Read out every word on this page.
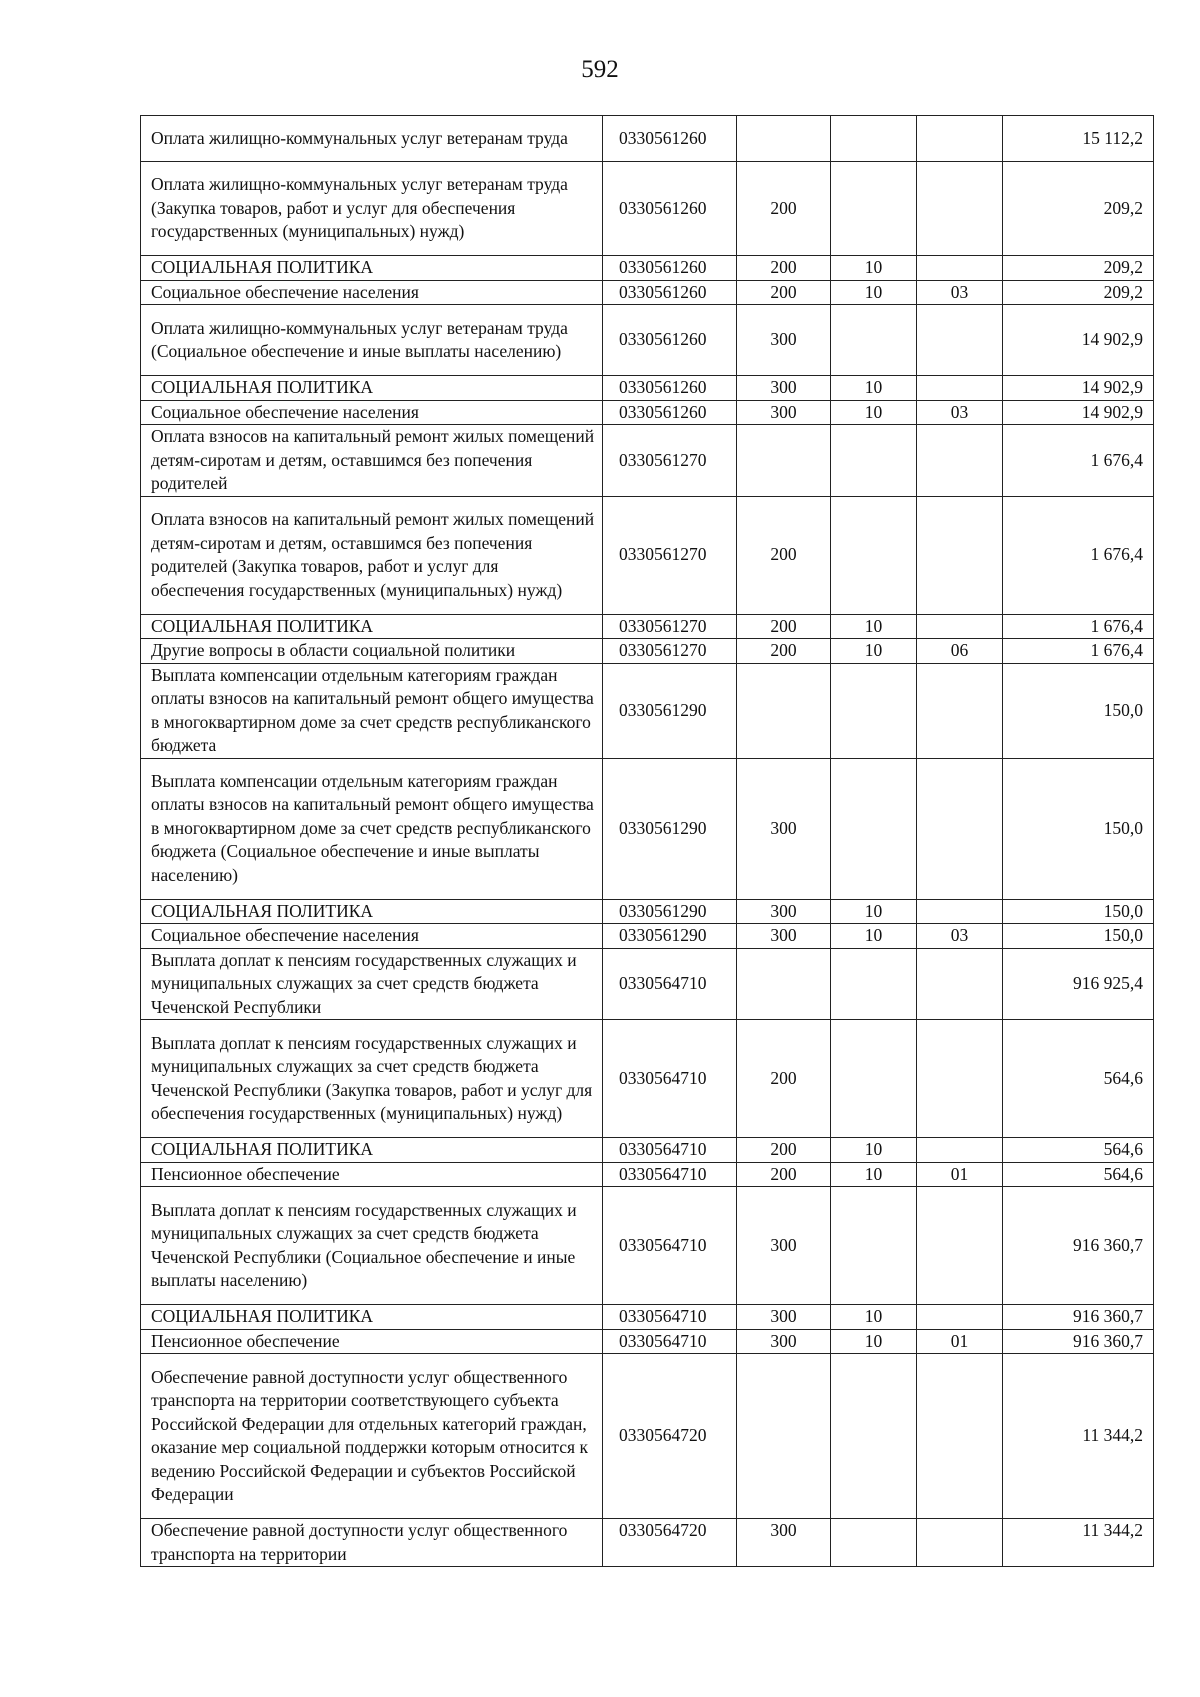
592
Оплата жилищно-коммунальных услуг ветеранам труда	0330561260				15 112,2
Оплата жилищно-коммунальных услуг ветеранам труда (Закупка товаров, работ и услуг для обеспечения государственных (муниципальных) нужд)	0330561260	200			209,2
СОЦИАЛЬНАЯ ПОЛИТИКА	0330561260	200	10		209,2
Социальное обеспечение населения	0330561260	200	10	03	209,2
Оплата жилищно-коммунальных услуг ветеранам труда (Социальное обеспечение и иные выплаты населению)	0330561260	300			14 902,9
СОЦИАЛЬНАЯ ПОЛИТИКА	0330561260	300	10		14 902,9
Социальное обеспечение населения	0330561260	300	10	03	14 902,9
Оплата взносов на капитальный ремонт жилых помещений детям-сиротам и детям, оставшимся без попечения родителей	0330561270				1 676,4
Оплата взносов на капитальный ремонт жилых помещений детям-сиротам и детям, оставшимся без попечения родителей (Закупка товаров, работ и услуг для обеспечения государственных (муниципальных) нужд)	0330561270	200			1 676,4
СОЦИАЛЬНАЯ ПОЛИТИКА	0330561270	200	10		1 676,4
Другие вопросы в области социальной политики	0330561270	200	10	06	1 676,4
Выплата компенсации отдельным категориям граждан оплаты взносов на капитальный ремонт общего имущества в многоквартирном доме за счет средств республиканского бюджета	0330561290				150,0
Выплата компенсации отдельным категориям граждан оплаты взносов на капитальный ремонт общего имущества в многоквартирном доме за счет средств республиканского бюджета (Социальное обеспечение и иные выплаты населению)	0330561290	300			150,0
СОЦИАЛЬНАЯ ПОЛИТИКА	0330561290	300	10		150,0
Социальное обеспечение населения	0330561290	300	10	03	150,0
Выплата доплат к пенсиям государственных служащих и муниципальных служащих за счет средств бюджета Чеченской Республики	0330564710				916 925,4
Выплата доплат к пенсиям государственных служащих и муниципальных служащих за счет средств бюджета Чеченской Республики (Закупка товаров, работ и услуг для обеспечения государственных (муниципальных) нужд)	0330564710	200			564,6
СОЦИАЛЬНАЯ ПОЛИТИКА	0330564710	200	10		564,6
Пенсионное обеспечение	0330564710	200	10	01	564,6
Выплата доплат к пенсиям государственных служащих и муниципальных служащих за счет средств бюджета Чеченской Республики (Социальное обеспечение и иные выплаты населению)	0330564710	300			916 360,7
СОЦИАЛЬНАЯ ПОЛИТИКА	0330564710	300	10		916 360,7
Пенсионное обеспечение	0330564710	300	10	01	916 360,7
Обеспечение равной доступности услуг общественного транспорта на территории соответствующего субъекта Российской Федерации для отдельных категорий граждан, оказание мер социальной поддержки которым относится к ведению Российской Федерации и субъектов Российской Федерации	0330564720				11 344,2
Обеспечение равной доступности услуг общественного транспорта на территории	0330564720	300			11 344,2
